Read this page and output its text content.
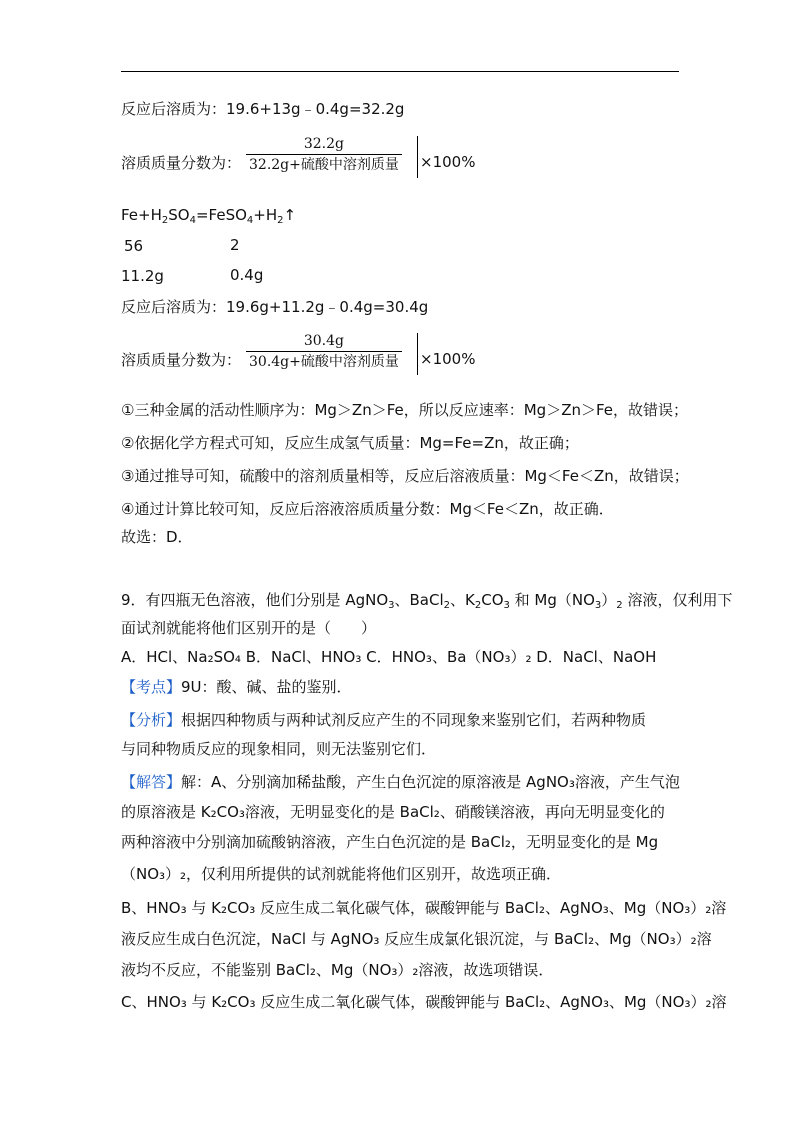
反应后溶质为：19.6+13g﹣0.4g=32.2g
溶质质量分数为：
32.2g
32.2g+硫酸中溶剂质量 ×100%
$Fe+H_2SO_4=FeSO_4+H_2↑$
56	2
11.2g	0.4g
反应后溶质为：19.6g+11.2g﹣0.4g=30.4g
溶质质量分数为：
30.4g
30.4g+硫酸中溶剂质量 ×100%
①三种金属的活动性顺序为：Mg＞Zn＞Fe，所以反应速率：Mg＞Zn＞Fe，故错误；
②依据化学方程式可知，反应生成氢气质量：Mg=Fe=Zn，故正确；
③通过推导可知，硫酸中的溶剂质量相等，反应后溶液质量：Mg＜Fe＜Zn，故错误；
④通过计算比较可知，反应后溶液溶质质量分数：Mg＜Fe＜Zn，故正确．
故选：D．
9．有四瓶无色溶液，他们分别是 AgNO$_3$、BaCl$_2$、$K_2CO_3$ 和 $Mg(NO_3)_2$ 溶液，仅利用下
面试剂就能将他们区别开的是（　　）
A．HCl、Na₂SO₄ B．NaCl、HNO₃ C．HNO₃、Ba（NO₃）₂ D．NaCl、NaOH
【考点】9U：酸、碱、盐的鉴别．
【分析】根据四种物质与两种试剂反应产生的不同现象来鉴别它们，若两种物质
与同种物质反应的现象相同，则无法鉴别它们．
【解答】解：A、分别滴加稀盐酸，产生白色沉淀的原溶液是 AgNO₃溶液，产生气泡
的原溶液是 K₂CO₃溶液，无明显变化的是 BaCl₂、硝酸镁溶液，再向无明显变化的
两种溶液中分别滴加硫酸钠溶液，产生白色沉淀的是 BaCl₂，无明显变化的是 Mg
（NO₃）₂，仅利用所提供的试剂就能将他们区别开，故选项正确．
B、HNO₃ 与 K₂CO₃ 反应生成二氧化碳气体，碳酸钾能与 BaCl₂、AgNO₃、Mg（NO₃）₂溶
液反应生成白色沉淀，NaCl 与 AgNO₃ 反应生成氯化银沉淀，与 BaCl₂、Mg（NO₃）₂溶
液均不反应，不能鉴别 BaCl₂、Mg（NO₃）₂溶液，故选项错误．
C、HNO₃ 与 K₂CO₃ 反应生成二氧化碳气体，碳酸钾能与 BaCl₂、AgNO₃、Mg（NO₃）₂溶
